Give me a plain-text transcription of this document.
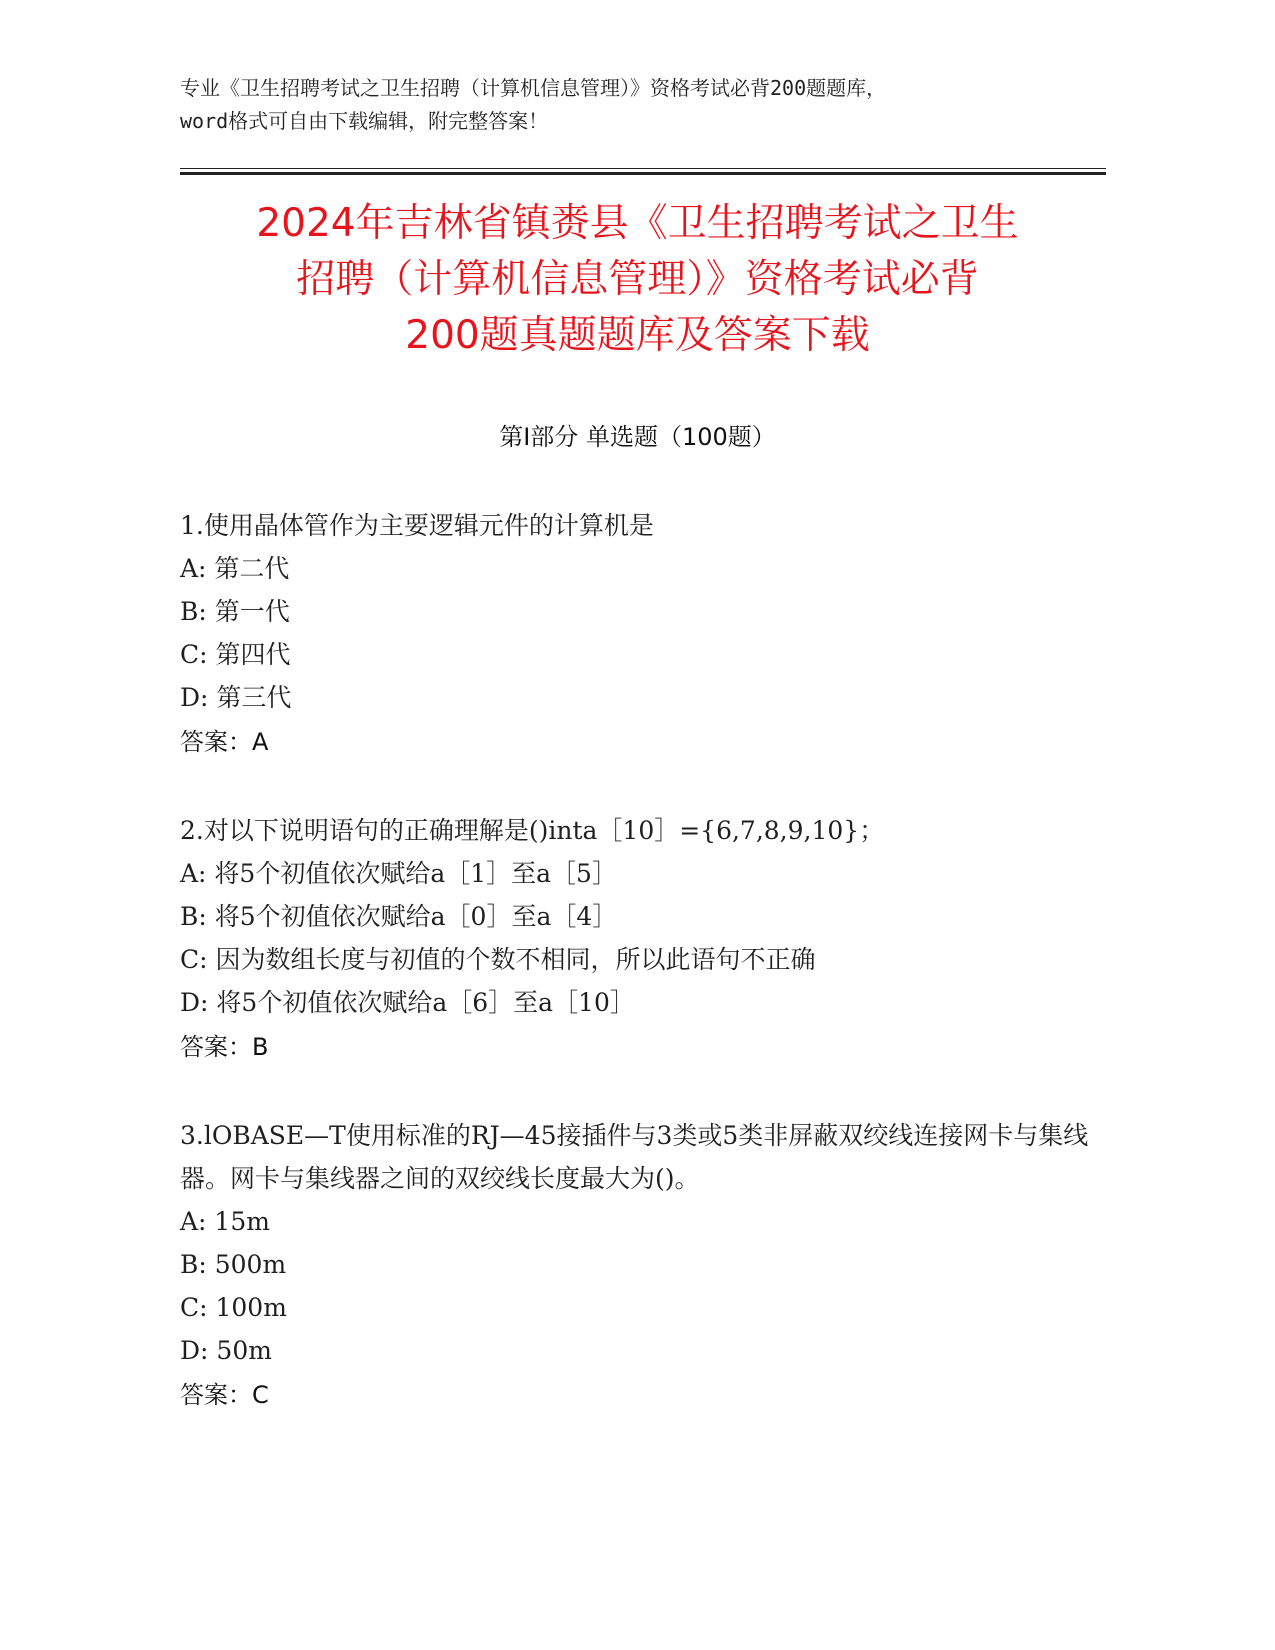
专业《卫生招聘考试之卫生招聘（计算机信息管理）》资格考试必背200题题库，
word格式可自由下载编辑，附完整答案！
2024年吉林省镇赉县《卫生招聘考试之卫生
招聘（计算机信息管理）》资格考试必背
200题真题题库及答案下载
第I部分 单选题（100题）
1.使用晶体管作为主要逻辑元件的计算机是
A: 第二代
B: 第一代
C: 第四代
D: 第三代
答案：A
2.对以下说明语句的正确理解是()inta［10］={6,7,8,9,10}；
A: 将5个初值依次赋给a［1］至a［5］
B: 将5个初值依次赋给a［0］至a［4］
C: 因为数组长度与初值的个数不相同，所以此语句不正确
D: 将5个初值依次赋给a［6］至a［10］
答案：B
3.lOBASE—T使用标准的RJ—45接插件与3类或5类非屏蔽双绞线连接网卡与集线器。网卡与集线器之间的双绞线长度最大为()。
A: 15m
B: 500m
C: 100m
D: 50m
答案：C
